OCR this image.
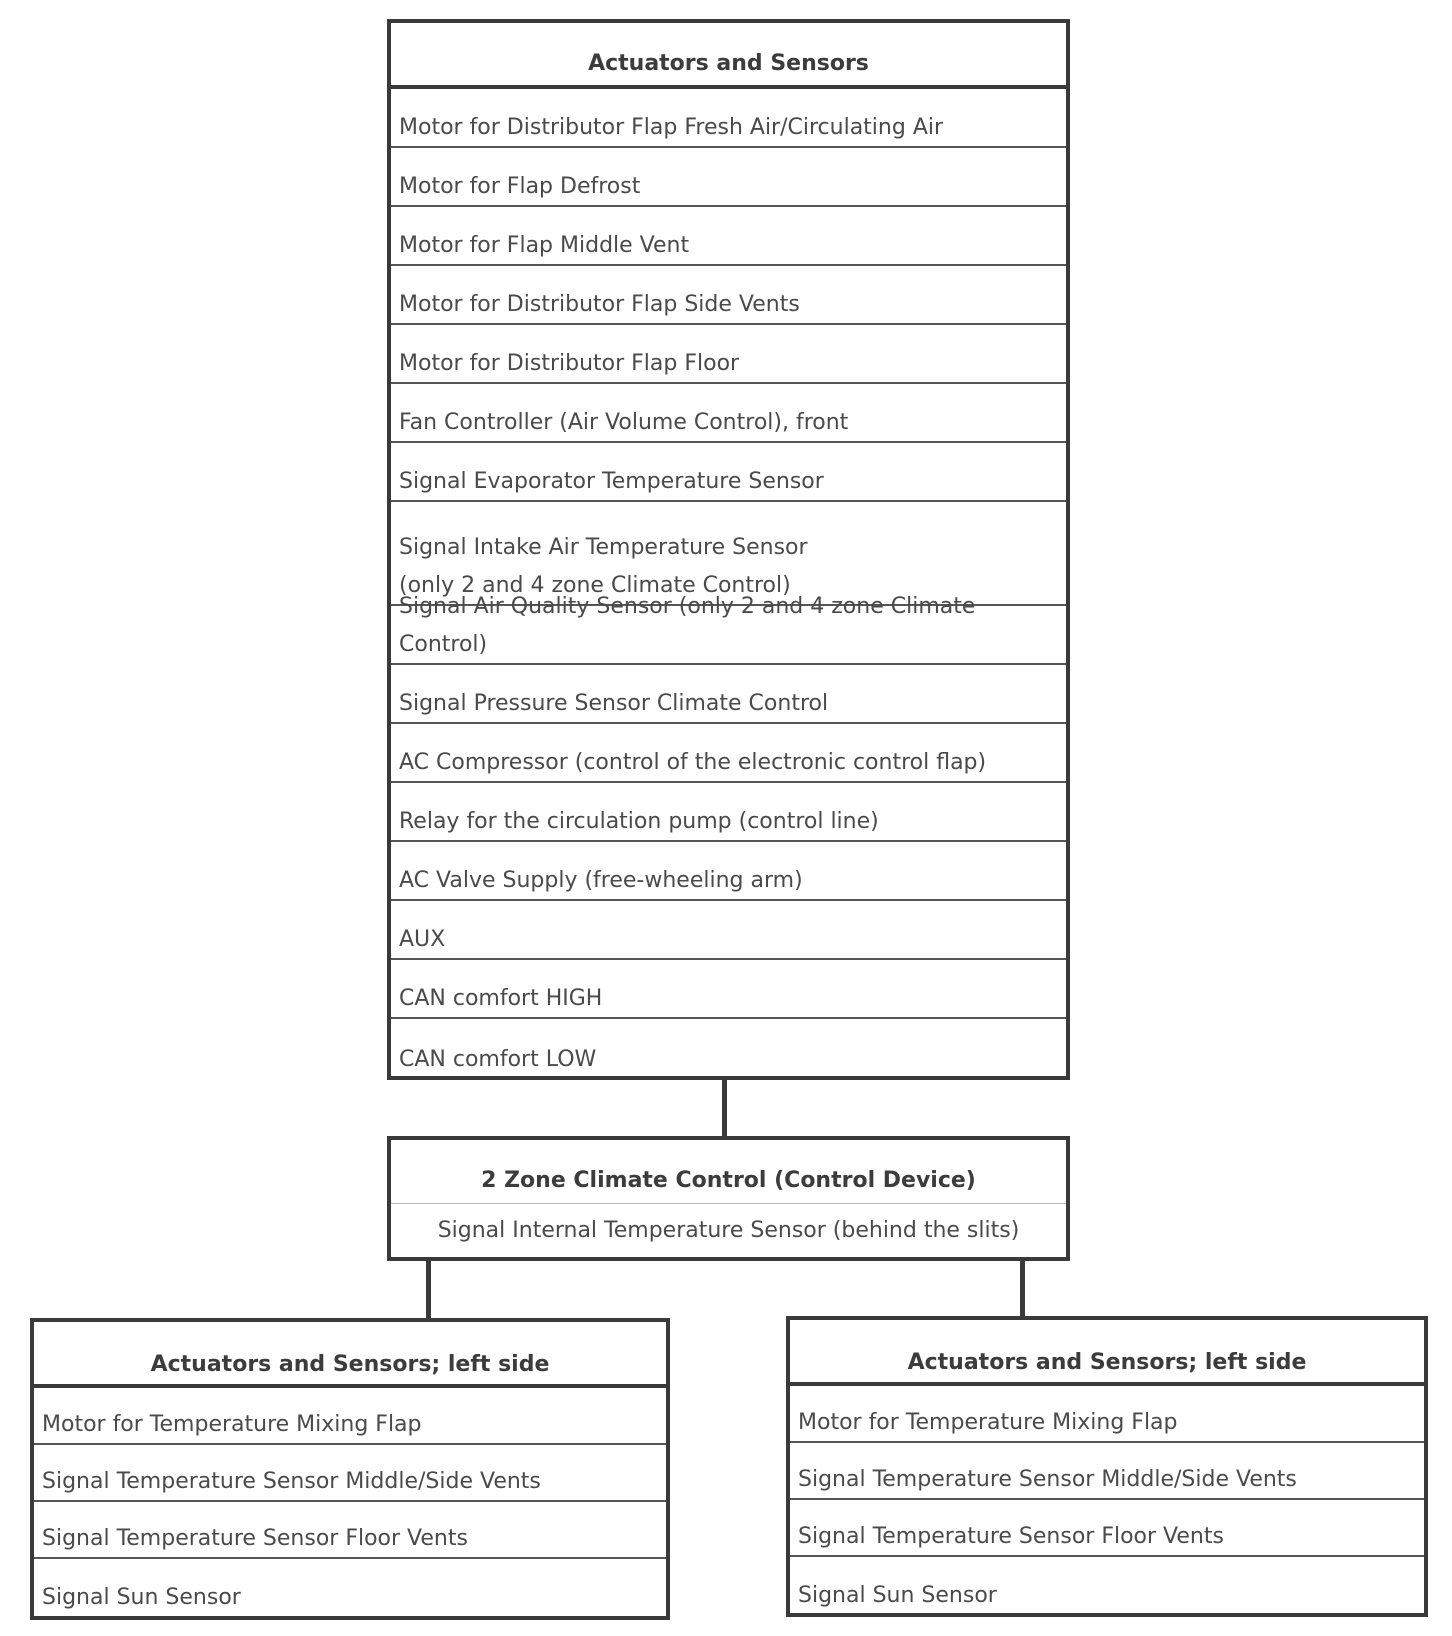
Actuators and Sensors
Motor for Distributor Flap Fresh Air/Circulating Air
Motor for Flap Defrost
Motor for Flap Middle Vent
Motor for Distributor Flap Side Vents
Motor for Distributor Flap Floor
Fan Controller (Air Volume Control), front
Signal Evaporator Temperature Sensor
Signal Intake Air Temperature Sensor
(only 2 and 4 zone Climate Control)
Signal Air Quality Sensor (only 2 and 4 zone Climate Control)
Signal Pressure Sensor Climate Control
AC Compressor (control of the electronic control flap)
Relay for the circulation pump (control line)
AC Valve Supply (free-wheeling arm)
AUX
CAN comfort HIGH
CAN comfort LOW
2 Zone Climate Control (Control Device)
Signal Internal Temperature Sensor (behind the slits)
Actuators and Sensors; left side
Motor for Temperature Mixing Flap
Signal Temperature Sensor Middle/Side Vents
Signal Temperature Sensor Floor Vents
Signal Sun Sensor
Actuators and Sensors; left side
Motor for Temperature Mixing Flap
Signal Temperature Sensor Middle/Side Vents
Signal Temperature Sensor Floor Vents
Signal Sun Sensor
